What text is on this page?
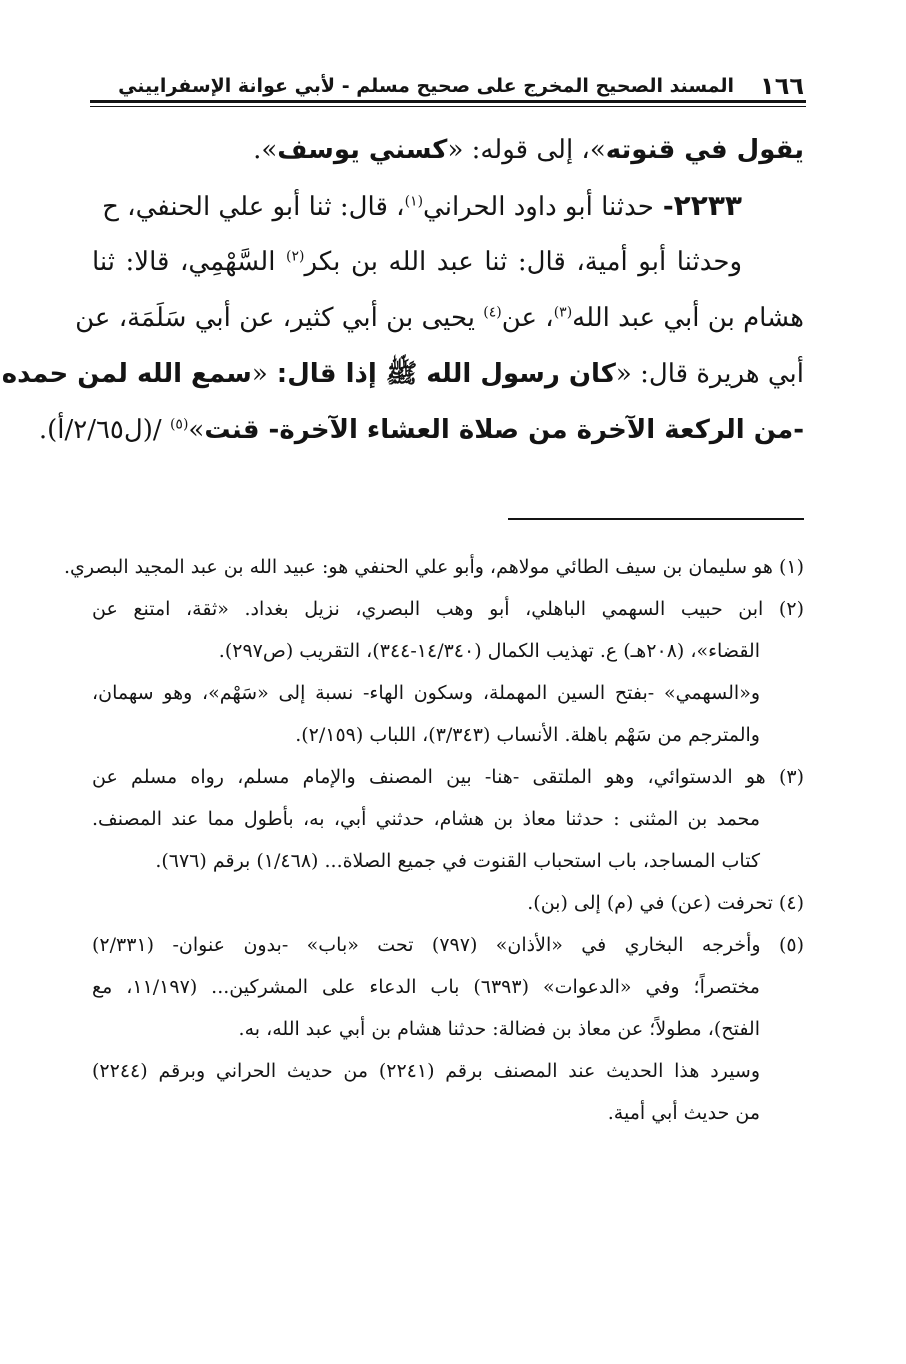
١٦٦
المسند الصحيح المخرج على صحيح مسلم - لأبي عوانة الإسفراييني
يقول في قنوته»، إلى قوله: «كسني يوسف».
٢٢٣٣- حدثنا أبو داود الحراني$^{(١)}$، قال: ثنا أبو علي الحنفي، ح
وحدثنا أبو أمية، قال: ثنا عبد الله بن بكر$^{(٢)}$ السَّهْمِي، قالا: ثنا
هشام بن أبي عبد الله$^{(٣)}$، عن$^{(٤)}$ يحيى بن أبي كثير، عن أبي سَلَمَة، عن
أبي هريرة قال: «كان رسول الله ﷺ إذا قال: «سمع الله لمن حمده
-من الركعة الآخرة من صلاة العشاء الآخرة- قنت»$^{(٥)}$ /(ل٢/٦٥/أ).
(١) هو سليمان بن سيف الطائي مولاهم، وأبو علي الحنفي هو: عبيد الله بن عبد المجيد البصري.
(٢) ابن حبيب السهمي الباهلي، أبو وهب البصري، نزيل بغداد. «ثقة، امتنع عن
القضاء»، (٢٠٨هـ) ع. تهذيب الكمال (١٤/٣٤٠-٣٤٤)، التقريب (ص٢٩٧).
و«السهمي» -بفتح السين المهملة، وسكون الهاء- نسبة إلى «سَهْم»، وهو سهمان،
والمترجم من سَهْم باهلة. الأنساب (٣/٣٤٣)، اللباب (٢/١٥٩).
(٣) هو الدستوائي، وهو الملتقى -هنا- بين المصنف والإمام مسلم، رواه مسلم عن
محمد بن المثنى : حدثنا معاذ بن هشام، حدثني أبي، به، بأطول مما عند المصنف.
كتاب المساجد، باب استحباب القنوت في جميع الصلاة... (١/٤٦٨) برقم (٦٧٦).
(٤) تحرفت (عن) في (م) إلى (بن).
(٥) وأخرجه البخاري في «الأذان» (٧٩٧) تحت «باب» -بدون عنوان- (٢/٣٣١)
مختصراً؛ وفي «الدعوات» (٦٣٩٣) باب الدعاء على المشركين... (١١/١٩٧، مع
الفتح)، مطولاً؛ عن معاذ بن فضالة: حدثنا هشام بن أبي عبد الله، به.
وسيرد هذا الحديث عند المصنف برقم (٢٢٤١) من حديث الحراني وبرقم (٢٢٤٤)
من حديث أبي أمية.
